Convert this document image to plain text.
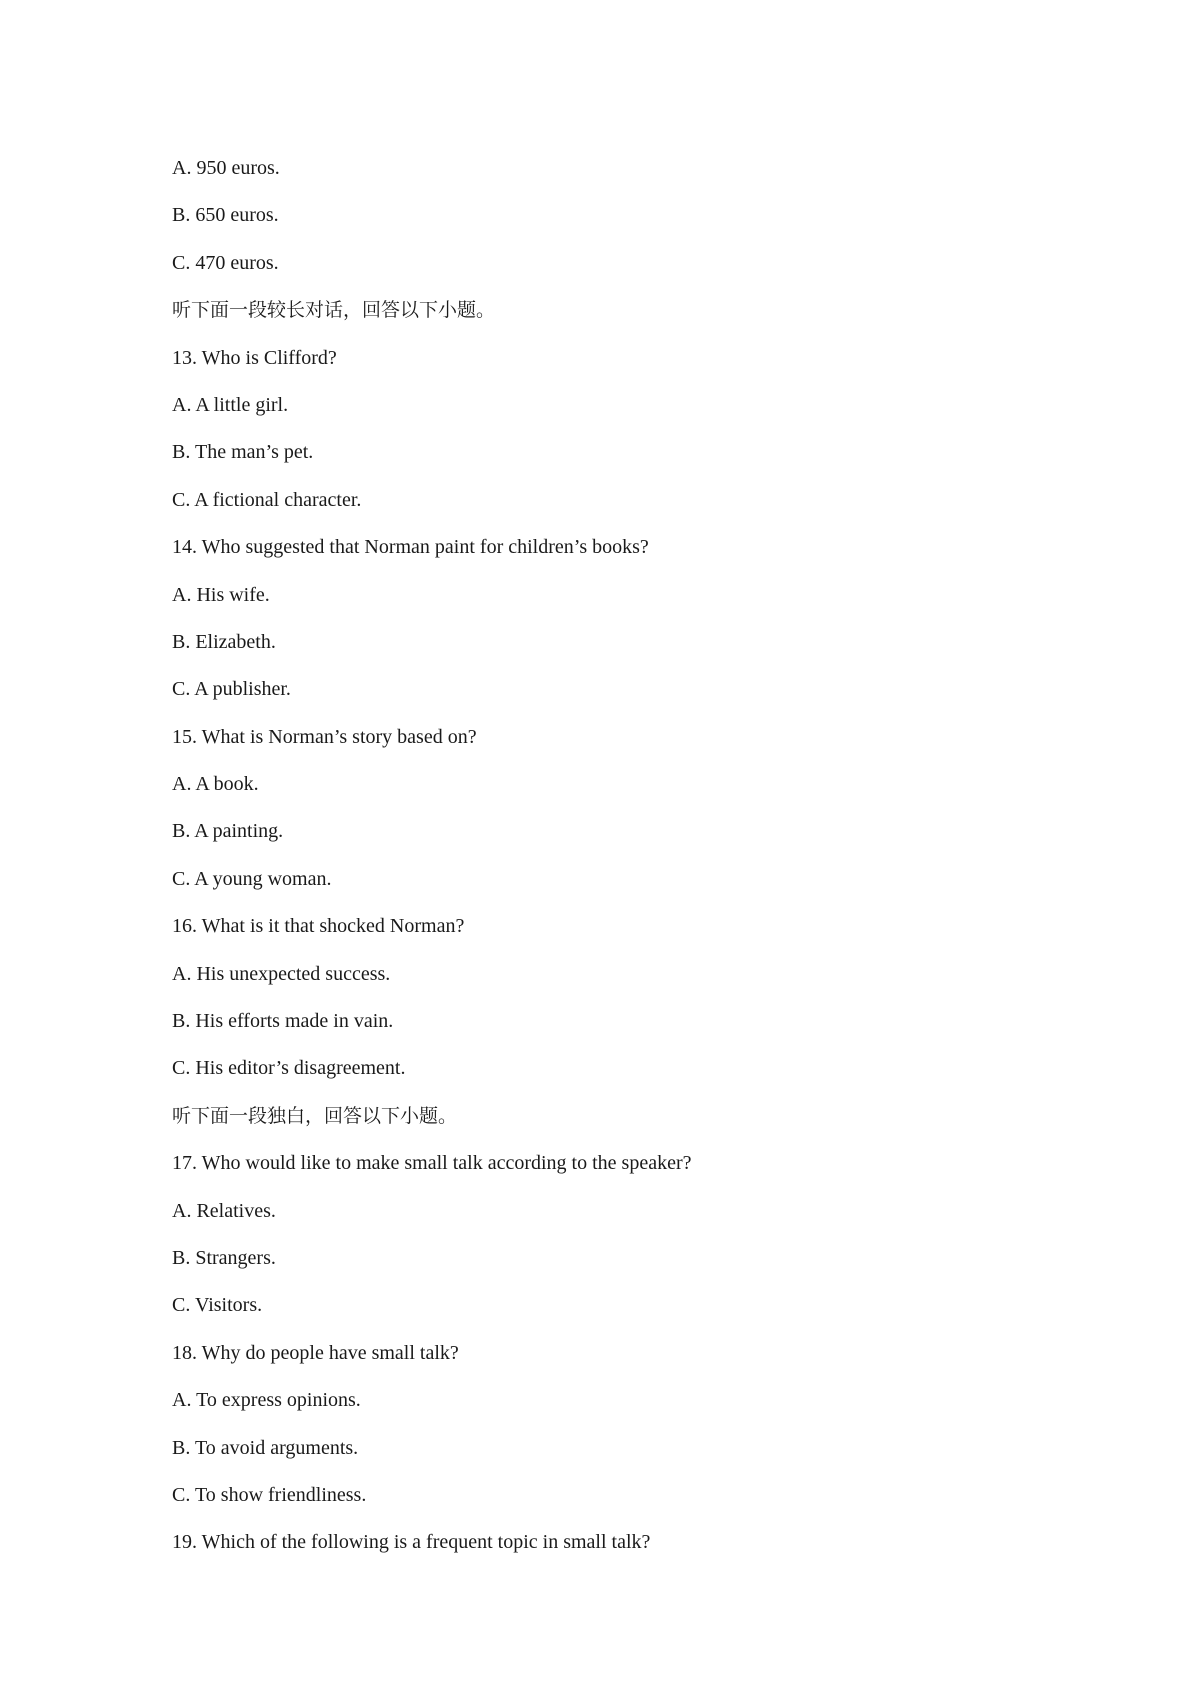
A. 950 euros.
B. 650 euros.
C. 470 euros.
听下面一段较长对话，回答以下小题。
13. Who is Clifford?
A. A little girl.
B. The man’s pet.
C. A fictional character.
14. Who suggested that Norman paint for children’s books?
A. His wife.
B. Elizabeth.
C. A publisher.
15. What is Norman’s story based on?
A. A book.
B. A painting.
C. A young woman.
16. What is it that shocked Norman?
A. His unexpected success.
B. His efforts made in vain.
C. His editor’s disagreement.
听下面一段独白，回答以下小题。
17. Who would like to make small talk according to the speaker?
A. Relatives.
B. Strangers.
C. Visitors.
18. Why do people have small talk?
A. To express opinions.
B. To avoid arguments.
C. To show friendliness.
19. Which of the following is a frequent topic in small talk?
